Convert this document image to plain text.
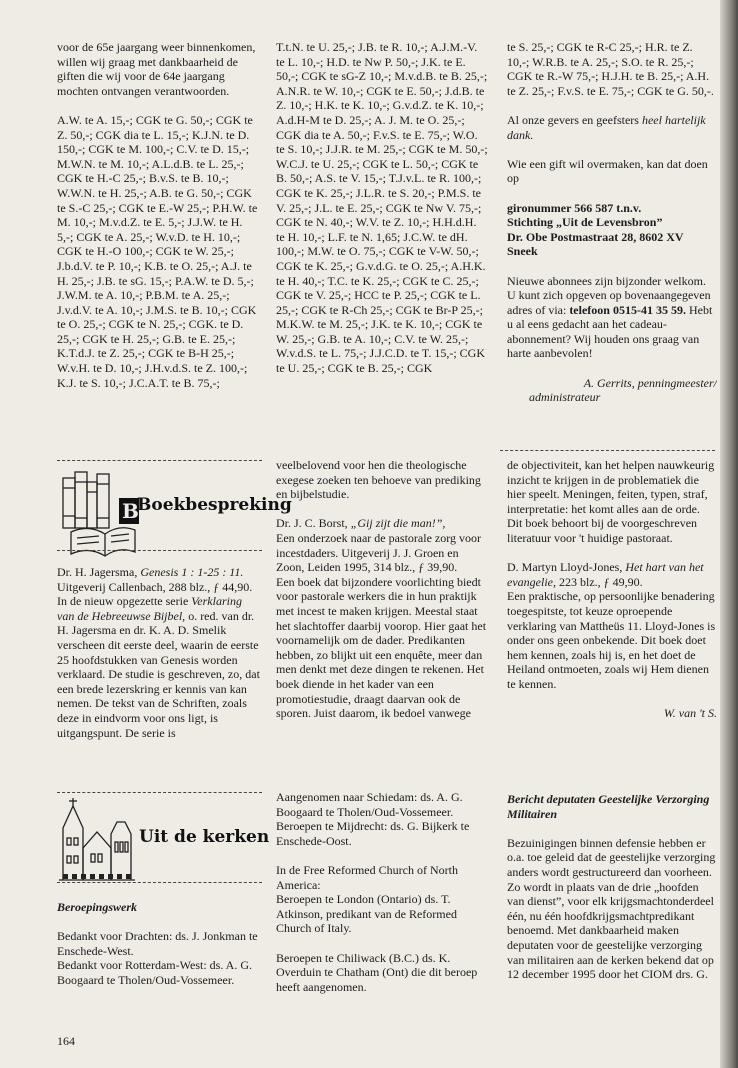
voor de 65e jaargang weer binnenkomen, willen wij graag met dankbaarheid de giften die wij voor de 64e jaargang mochten ontvangen verantwoorden.

A.W. te A. 15,-; CGK te G. 50,-; CGK te Z. 50,-; CGK dia te L. 15,-; K.J.N. te D. 150,-; CGK te M. 100,-; C.V. te D. 15,-; M.W.N. te M. 10,-; A.L.d.B. te L. 25,-; CGK te H.-C 25,-; B.v.S. te B. 10,-; W.W.N. te H. 25,-; A.B. te G. 50,-; CGK te S.-C 25,-; CGK te E.-W 25,-; P.H.W. te M. 10,-; M.v.d.Z. te E. 5,-; J.J.W. te H. 5,-; CGK te A. 25,-; W.v.D. te H. 10,-; CGK te H.-O 100,-; CGK te W. 25,-; J.b.d.V. te P. 10,-; K.B. te O. 25,-; A.J. te H. 25,-; J.B. te sG. 15,-; P.A.W. te D. 5,-; J.W.M. te A. 10,-; P.B.M. te A. 25,-; J.v.d.V. te A. 10,-; J.M.S. te B. 10,-; CGK te O. 25,-; CGK te N. 25,-; CGK. te D. 25,-; CGK te H. 25,-; G.B. te E. 25,-; K.T.d.J. te Z. 25,-; CGK te B-H 25,-; W.v.H. te D. 10,-; J.H.v.d.S. te Z. 100,-; K.J. te S. 10,-; J.C.A.T. te B. 75,-;

T.t.N. te U. 25,-; J.B. te R. 10,-; A.J.M.-V. te L. 10,-; H.D. te Nw P. 50,-; J.K. te E. 50,-; CGK te sG-Z 10,-; M.v.d.B. te B. 25,-; A.N.R. te W. 10,-; CGK te E. 50,-; J.d.B. te Z. 10,-; H.K. te K. 10,-; G.v.d.Z. te K. 10,-; A.d.H-M te D. 25,-; A. J. M. te O. 25,-; CGK dia te A. 50,-; F.v.S. te E. 75,-; W.O. te S. 10,-; J.J.R. te M. 25,-; CGK te M. 50,-; W.C.J. te U. 25,-; CGK te L. 50,-; CGK te B. 50,-; A.S. te V. 15,-; T.J.v.L. te R. 100,-; CGK te K. 25,-; J.L.R. te S. 20,-; P.M.S. te V. 25,-; J.L. te E. 25,-; CGK te Nw V. 75,-; CGK te N. 40,-; W.V. te Z. 10,-; H.H.d.H. te H. 10,-; L.F. te N. 1,65; J.C.W. te dH. 100,-; M.W. te O. 75,-; CGK te V-W. 50,-; CGK te K. 25,-; G.v.d.G. te O. 25,-; A.H.K. te H. 40,-; T.C. te K. 25,-; CGK te C. 25,-; CGK te V. 25,-; HCC te P. 25,-; CGK te L. 25,-; CGK te R-Ch 25,-; CGK te Br-P 25,-; M.K.W. te M. 25,-; J.K. te K. 10,-; CGK te W. 25,-; G.B. te A. 10,-; C.V. te W. 25,-; W.v.d.S. te L. 75,-; J.J.C.D. te T. 15,-; CGK te U. 25,-; CGK te B. 25,-; CGK

te S. 25,-; CGK te R-C 25,-; H.R. te Z. 10,-; W.R.B. te A. 25,-; S.O. te R. 25,-; CGK te R.-W 75,-; H.J.H. te B. 25,-; A.H. te Z. 25,-; F.v.S. te E. 75,-; CGK te G. 50,-.

Al onze gevers en geefsters heel hartelijk dank.

Wie een gift wil overmaken, kan dat doen op

gironummer 566 587 t.n.v.
Stichting „Uit de Levensbron”
Dr. Obe Postmastraat 28, 8602 XV
Sneek

Nieuwe abonnees zijn bijzonder welkom. U kunt zich opgeven op bovenaangegeven adres of via: telefoon 0515-41 35 59. Hebt u al eens gedacht aan het cadeau-abonnement? Wij houden ons graag van harte aanbevolen!

A. Gerrits, penningmeester/
administrateur

B
Boekbespreking

Dr. H. Jagersma, Genesis 1 : 1-25 : 11.

Uitgeverij Callenbach, 288 blz., ƒ 44,90.

In de nieuw opgezette serie Verklaring van de Hebreeuwse Bijbel, o. red. van dr. H. Jagersma en dr. K. A. D. Smelik verscheen dit eerste deel, waarin de eerste 25 hoofdstukken van Genesis worden verklaard. De studie is geschreven, zo, dat een brede lezerskring er kennis van kan nemen. De tekst van de Schriften, zoals deze in eindvorm voor ons ligt, is uitgangspunt. De serie is

veelbelovend voor hen die theologische exegese zoeken ten behoeve van prediking en bijbelstudie.

Dr. J. C. Borst, „Gij zijt die man!”,

Een onderzoek naar de pastorale zorg voor incestdaders. Uitgeverij J. J. Groen en Zoon, Leiden 1995, 314 blz., ƒ 39,90.

Een boek dat bijzondere voorlichting biedt voor pastorale werkers die in hun praktijk met incest te maken krijgen. Meestal staat het slachtoffer daarbij voorop. Hier gaat het voornamelijk om de dader. Predikanten hebben, zo blijkt uit een enquête, meer dan men denkt met deze dingen te rekenen. Het boek diende in het kader van een promotiestudie, draagt daarvan ook de sporen. Juist daarom, ik bedoel vanwege

de objectiviteit, kan het helpen nauwkeurig inzicht te krijgen in de problematiek die hier speelt. Meningen, feiten, typen, straf, interpretatie: het komt alles aan de orde. Dit boek behoort bij de voorgeschreven literatuur voor 't huidige pastoraat.

D. Martyn Lloyd-Jones, Het hart van het evangelie, 223 blz., ƒ 49,90.

Een praktische, op persoonlijke benadering toegespitste, tot keuze oproepende verklaring van Mattheüs 11. Lloyd-Jones is onder ons geen onbekende. Dit boek doet hem kennen, zoals hij is, en het doet de Heiland ontmoeten, zoals wij Hem dienen te kennen.

W. van 't S.

Uit de kerken

Beroepingswerk

Bedankt voor Drachten: ds. J. Jonkman te Enschede-West.

Bedankt voor Rotterdam-West: ds. A. G. Boogaard te Tholen/Oud-Vossemeer.

Aangenomen naar Schiedam: ds. A. G. Boogaard te Tholen/Oud-Vossemeer.

Beroepen te Mijdrecht: ds. G. Bijkerk te Enschede-Oost.

In de Free Reformed Church of North America:

Beroepen te London (Ontario) ds. T. Atkinson, predikant van de Reformed Church of Italy.

Beroepen te Chiliwack (B.C.) ds. K. Overduin te Chatham (Ont) die dit beroep heeft aangenomen.

Bericht deputaten Geestelijke Verzorging Militairen

Bezuinigingen binnen defensie hebben er o.a. toe geleid dat de geestelijke verzorging anders wordt gestructureerd dan voorheen. Zo wordt in plaats van de drie „hoofden van dienst”, voor elk krijgsmachtonderdeel één, nu één hoofdkrijgsmachtpredikant benoemd. Met dankbaarheid maken deputaten voor de geestelijke verzorging van militairen aan de kerken bekend dat op 12 december 1995 door het CIOM drs. G.

164
